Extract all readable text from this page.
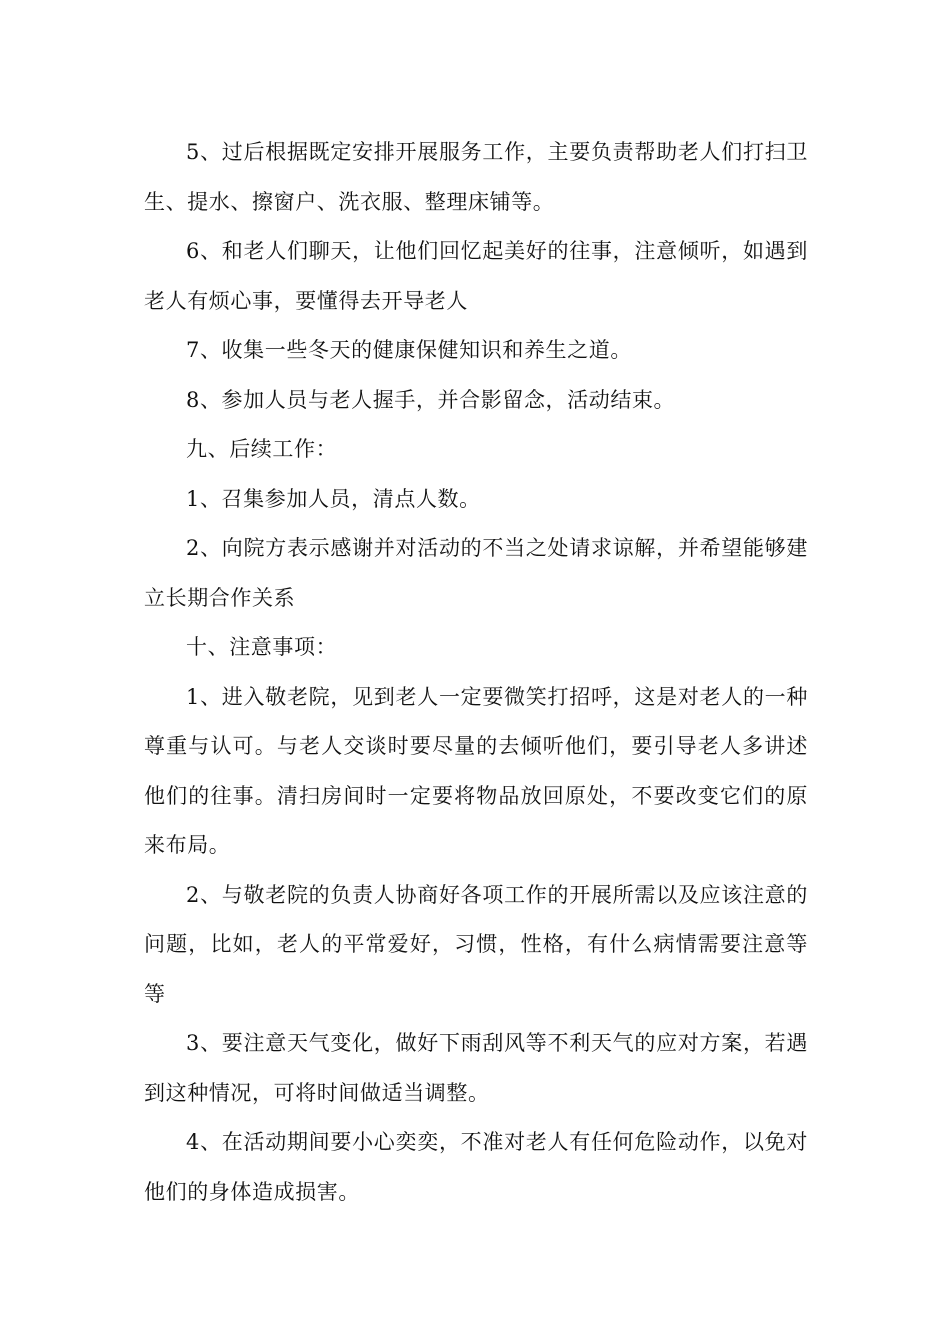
5、过后根据既定安排开展服务工作，主要负责帮助老人们打扫卫生、提水、擦窗户、洗衣服、整理床铺等。

6、和老人们聊天，让他们回忆起美好的往事，注意倾听，如遇到老人有烦心事，要懂得去开导老人

7、收集一些冬天的健康保健知识和养生之道。

8、参加人员与老人握手，并合影留念，活动结束。

九、后续工作：

1、召集参加人员，清点人数。

2、向院方表示感谢并对活动的不当之处请求谅解，并希望能够建立长期合作关系

十、注意事项：

1、进入敬老院，见到老人一定要微笑打招呼，这是对老人的一种尊重与认可。与老人交谈时要尽量的去倾听他们，要引导老人多讲述他们的往事。清扫房间时一定要将物品放回原处，不要改变它们的原来布局。

2、与敬老院的负责人协商好各项工作的开展所需以及应该注意的问题，比如，老人的平常爱好，习惯，性格，有什么病情需要注意等等

3、要注意天气变化，做好下雨刮风等不利天气的应对方案，若遇到这种情况，可将时间做适当调整。

4、在活动期间要小心奕奕，不准对老人有任何危险动作，以免对他们的身体造成损害。
